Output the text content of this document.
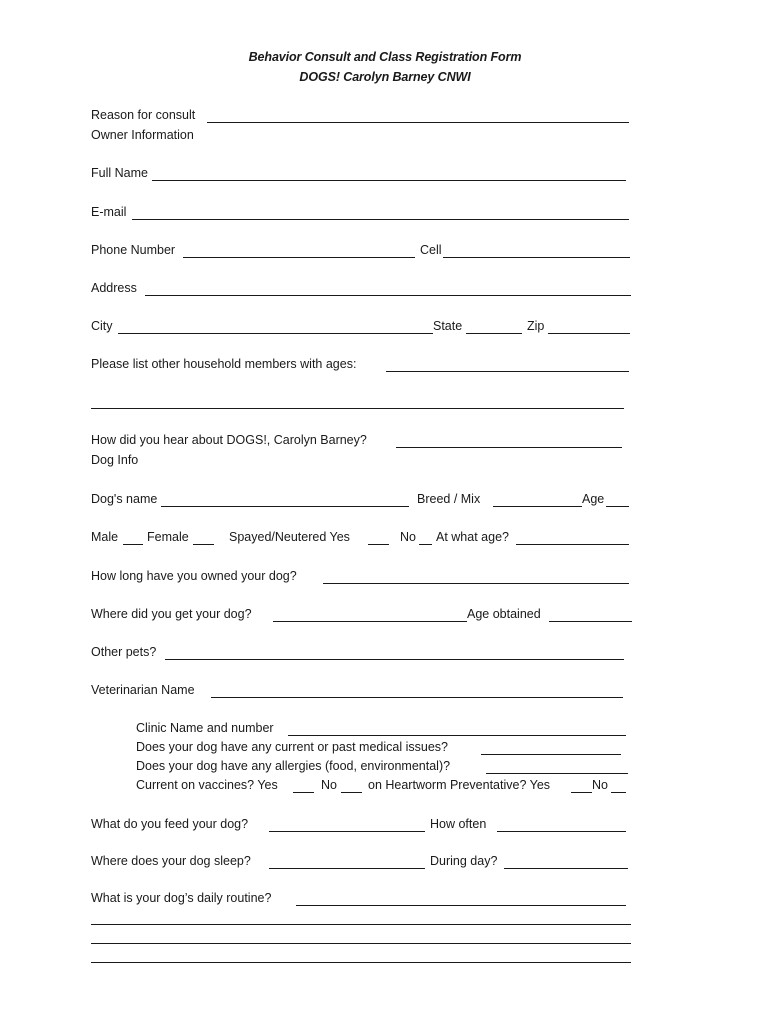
Behavior Consult and Class Registration Form
DOGS! Carolyn Barney CNWI
Reason for consult
Owner Information
Full Name
E-mail
Phone Number	Cell
Address
City	State	Zip
Please list other household members with ages:
How did you hear about DOGS!, Carolyn Barney?
Dog Info
Dog's name	Breed / Mix	Age
Male Female	Spayed/Neutered Yes	No At what age?
How long have you owned your dog?
Where did you get your dog?	Age obtained
Other pets?
Veterinarian Name
Clinic Name and number
Does your dog have any current or past medical issues?
Does your dog have any allergies (food, environmental)?
Current on vaccines? Yes	No on Heartworm Preventative? Yes	No
What do you feed your dog?	How often
Where does your dog sleep?	During day?
What is your dog’s daily routine?
